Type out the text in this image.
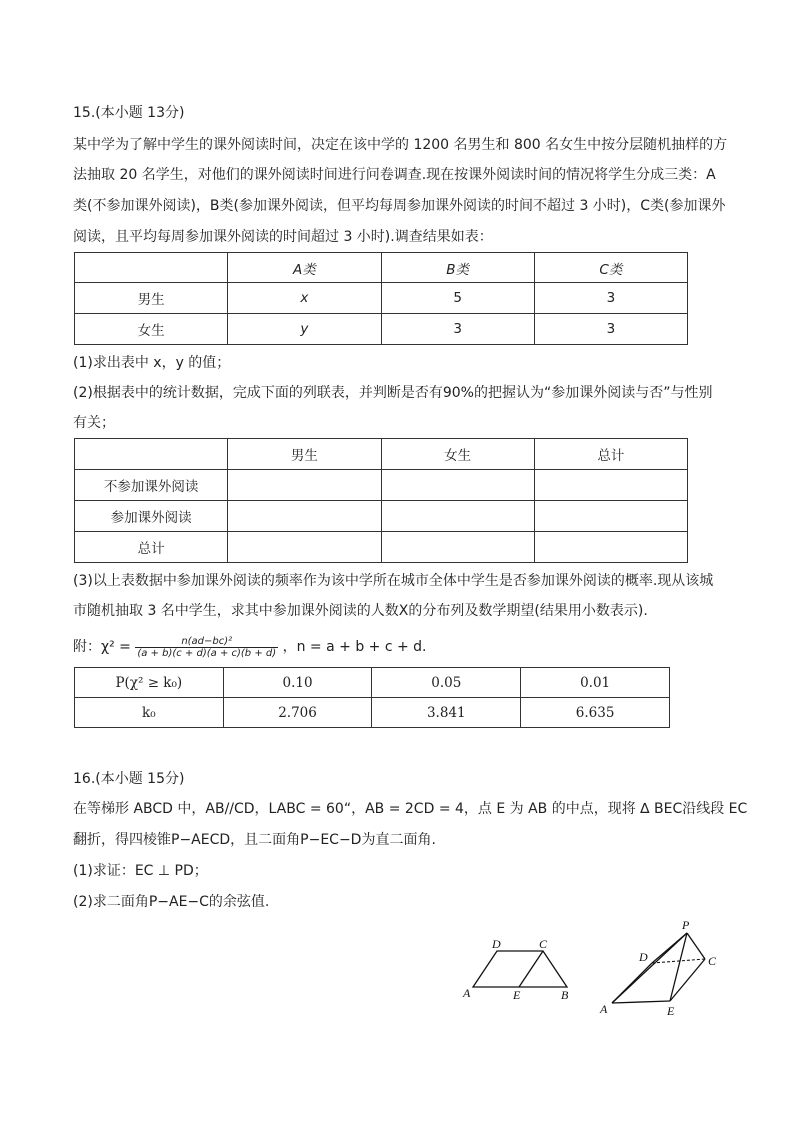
15.(本小题 13分)
某中学为了解中学生的课外阅读时间，决定在该中学的 1200 名男生和 800 名女生中按分层随机抽样的方
法抽取 20 名学生，对他们的课外阅读时间进行问卷调查.现在按课外阅读时间的情况将学生分成三类：A
类(不参加课外阅读)，B类(参加课外阅读，但平均每周参加课外阅读的时间不超过 3 小时)，C类(参加课外
阅读，且平均每周参加课外阅读的时间超过 3 小时).调查结果如表：
	A类	B类	C类
男生	x	5	3
女生	y	3	3
(1)求出表中 x，y 的值；
(2)根据表中的统计数据，完成下面的列联表，并判断是否有90%的把握认为“参加课外阅读与否”与性别
有关；
	男生	女生	总计
不参加课外阅读			
参加课外阅读			
总计			
(3)以上表数据中参加课外阅读的频率作为该中学所在城市全体中学生是否参加课外阅读的概率.现从该城
市随机抽取 3 名中学生，求其中参加课外阅读的人数X的分布列及数学期望(结果用小数表示).
附：$\chi^2 = \frac{\text{n(ad−bc)²}}{(a + b)(c + d)(a + c)(b + d)}$ ，n = a + b + c + d.
P(χ² ≥ k₀)	0.10	0.05	0.01
k₀	2.706	3.841	6.635
16.(本小题 15分)
在等梯形 ABCD 中，AB//CD，LABC = 60“，AB = 2CD = 4，点 E 为 AB 的中点，现将 ∆ BEC沿线段 EC
翻折，得四棱锥P−AECD，且二面角P−EC−D为直二面角.
(1)求证：EC ⊥ PD；
(2)求二面角P−AE−C的余弦值.
D	C
A	E	B
P
D	C
A	E
